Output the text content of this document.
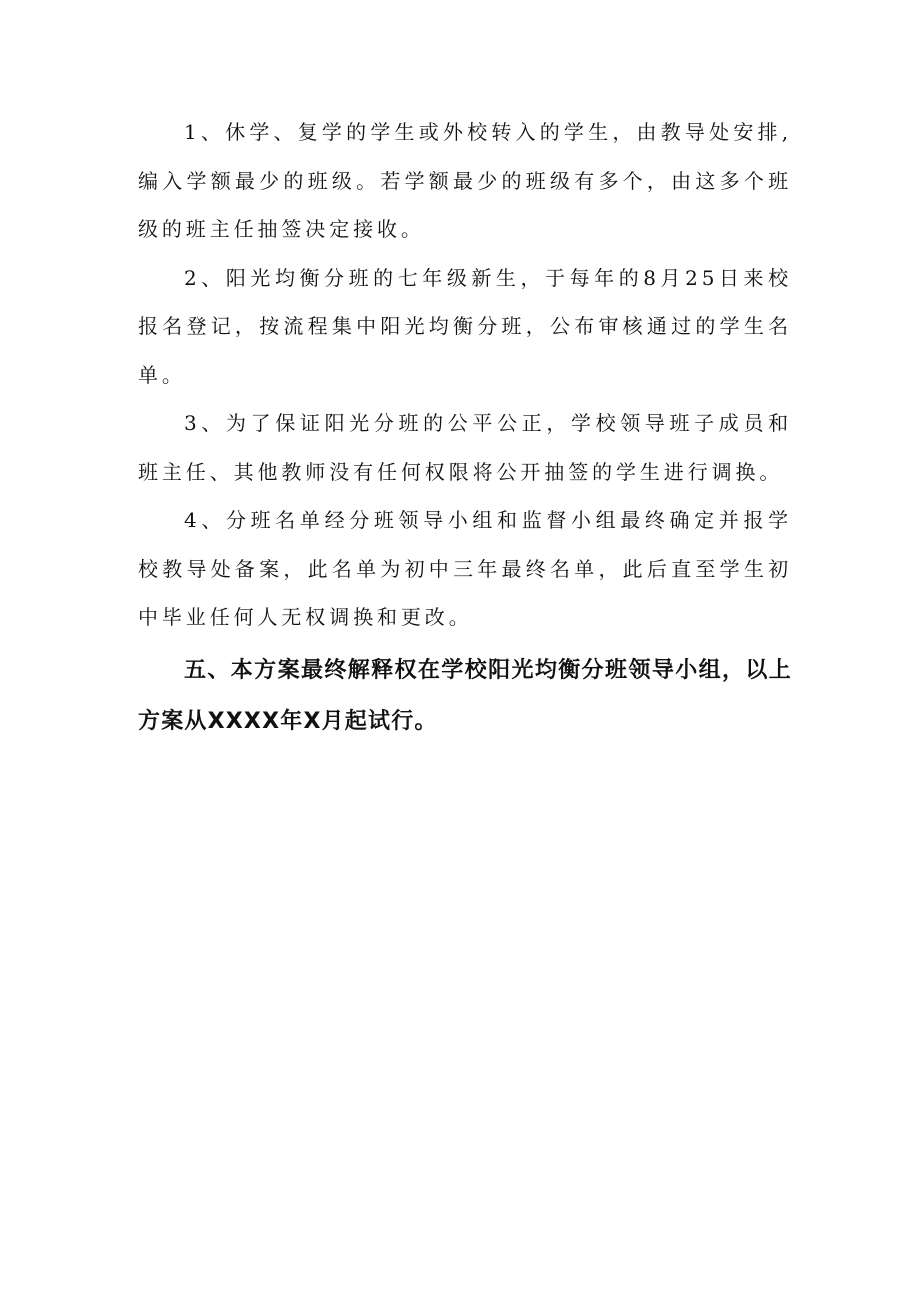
1、休学、复学的学生或外校转入的学生，由教导处安排,编入学额最少的班级。若学额最少的班级有多个，由这多个班级的班主任抽签决定接收。

2、阳光均衡分班的七年级新生，于每年的8月25日来校报名登记，按流程集中阳光均衡分班，公布审核通过的学生名单。

3、为了保证阳光分班的公平公正，学校领导班子成员和班主任、其他教师没有任何权限将公开抽签的学生进行调换。

4、分班名单经分班领导小组和监督小组最终确定并报学校教导处备案，此名单为初中三年最终名单，此后直至学生初中毕业任何人无权调换和更改。

五、本方案最终解释权在学校阳光均衡分班领导小组，以上方案从XXXX年X月起试行。
